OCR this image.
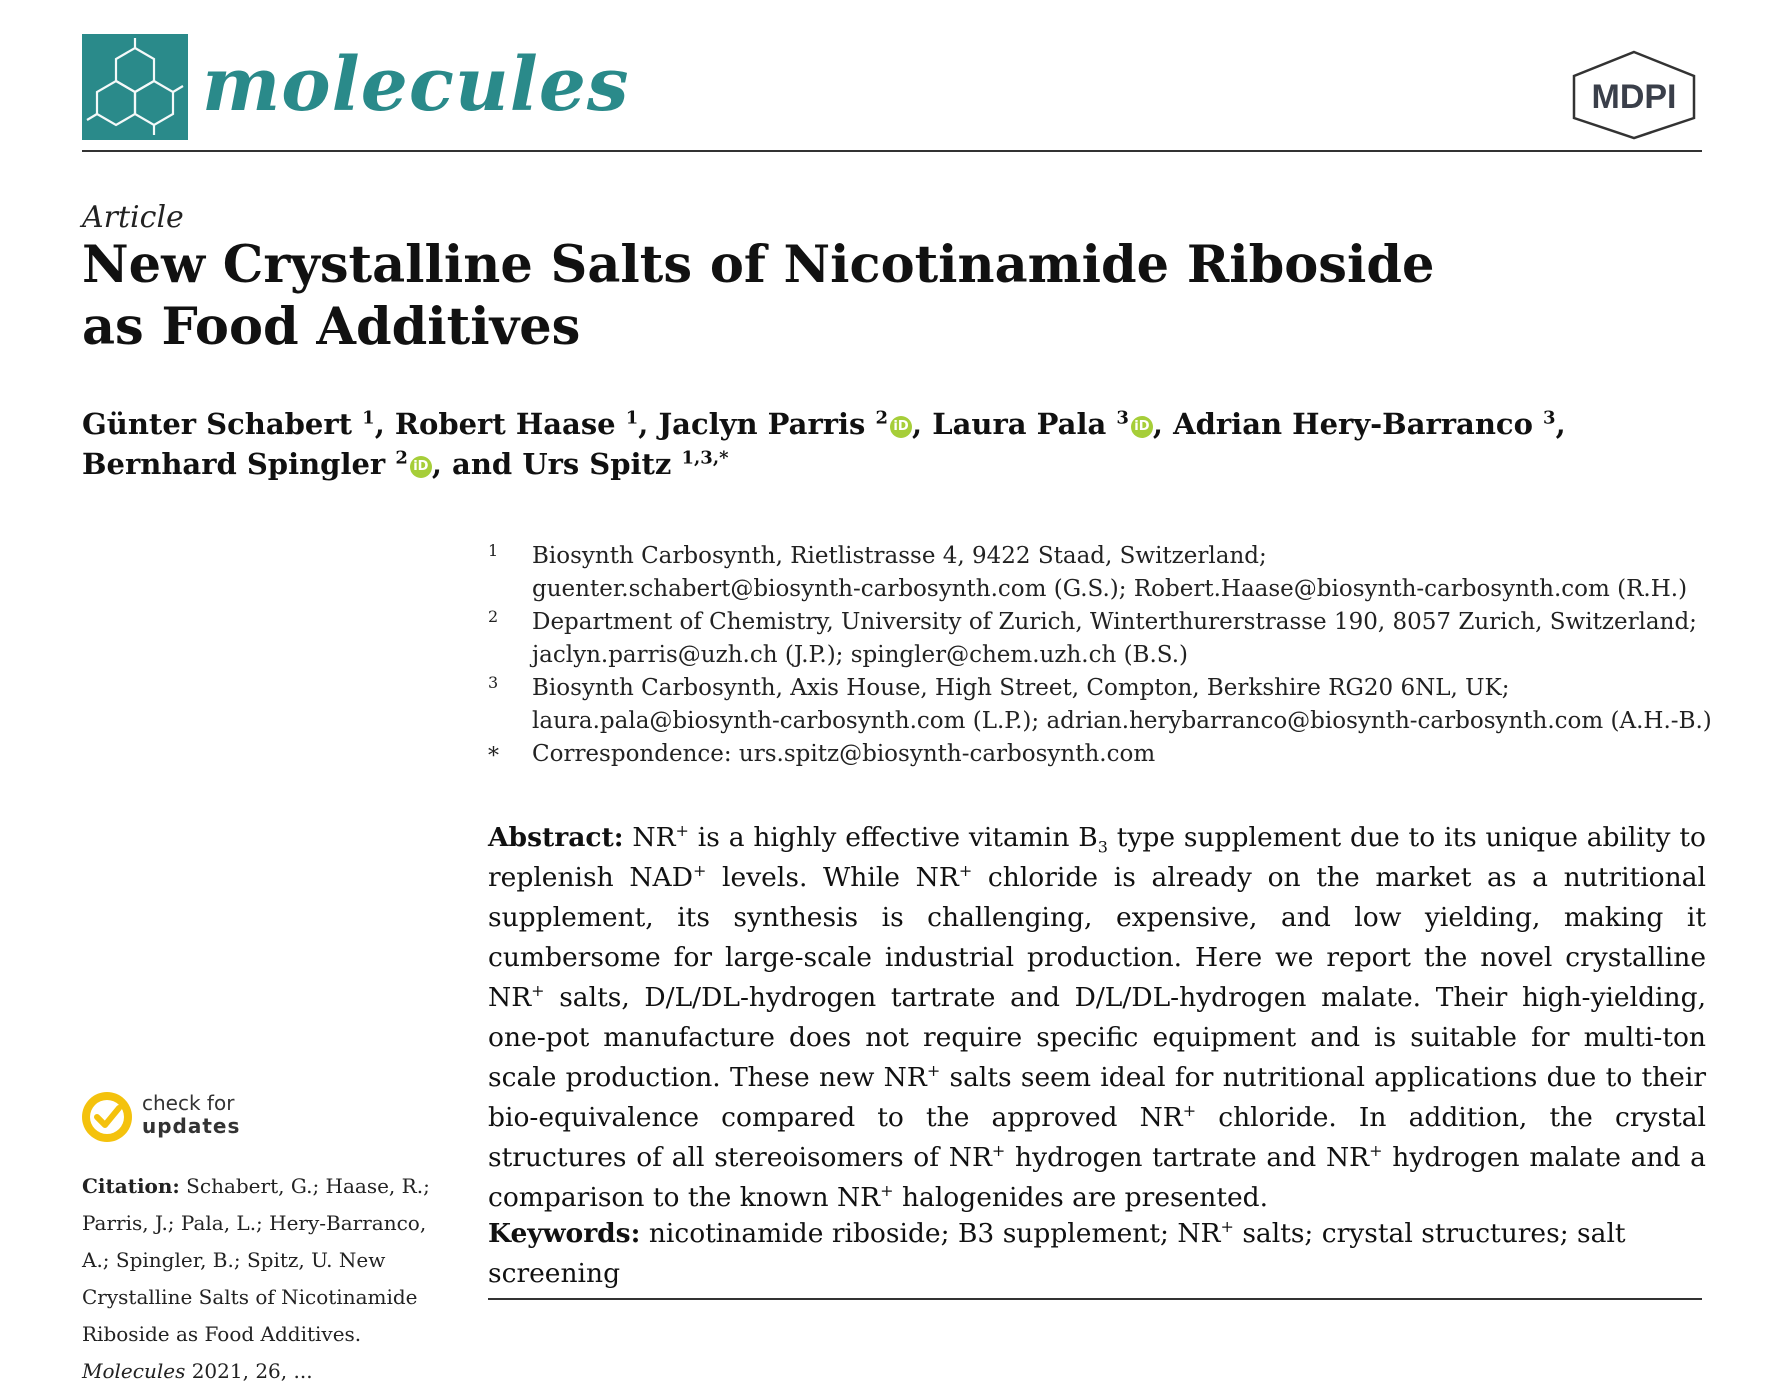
molecules	MDPI
Article
New Crystalline Salts of Nicotinamide Riboside as Food Additives
Günter Schabert $^1$, Robert Haase $^1$, Jaclyn Parris $^2$ iD , Laura Pala $^3$ iD , Adrian Hery-Barranco $^3$, Bernhard Spingler $^2$ iD , and Urs Spitz $^{1,3,*}$
1 Biosynth Carbosynth, Rietlistrasse 4, 9422 Staad, Switzerland;
guenter.schabert@biosynth-carbosynth.com (G.S.); Robert.Haase@biosynth-carbosynth.com (R.H.)
2 Department of Chemistry, University of Zurich, Winterthurerstrasse 190, 8057 Zurich, Switzerland;
jaclyn.parris@uzh.ch (J.P.); spingler@chem.uzh.ch (B.S.)
3 Biosynth Carbosynth, Axis House, High Street, Compton, Berkshire RG20 6NL, UK;
laura.pala@biosynth-carbosynth.com (L.P.); adrian.herybarranco@biosynth-carbosynth.com (A.H.-B.)
* Correspondence: urs.spitz@biosynth-carbosynth.com
Abstract: NR+ is a highly effective vitamin $B_3$ type supplement due to its unique ability to replenish NAD+ levels. While NR+ chloride is already on the market as a nutritional supplement, its synthesis is challenging, expensive, and low yielding, making it cumbersome for large-scale industrial production. Here we report the novel crystalline NR+ salts, D/L/DL-hydrogen tartrate and D/L/DL-hydrogen malate. Their high-yielding, one-pot manufacture does not require specific equipment and is suitable for multi-ton scale production. These new NR+ salts seem ideal for nutritional applications due to their bio-equivalence compared to the approved NR+ chloride. In addition, the crystal structures of all stereoisomers of NR+ hydrogen tartrate and NR+ hydrogen malate and a comparison to the known NR+ halogenides are presented.
Keywords: nicotinamide riboside; B3 supplement; NR+ salts; crystal structures; salt screening
check for
updates
Citation: Schabert, G.; Haase, R.; Parris, J.; Pala, L.; Hery-Barranco, A.; Spingler, B.; Spitz, U. New Crystalline Salts of Nicotinamide Riboside as Food Additives. Molecules 2021, 26, ...
